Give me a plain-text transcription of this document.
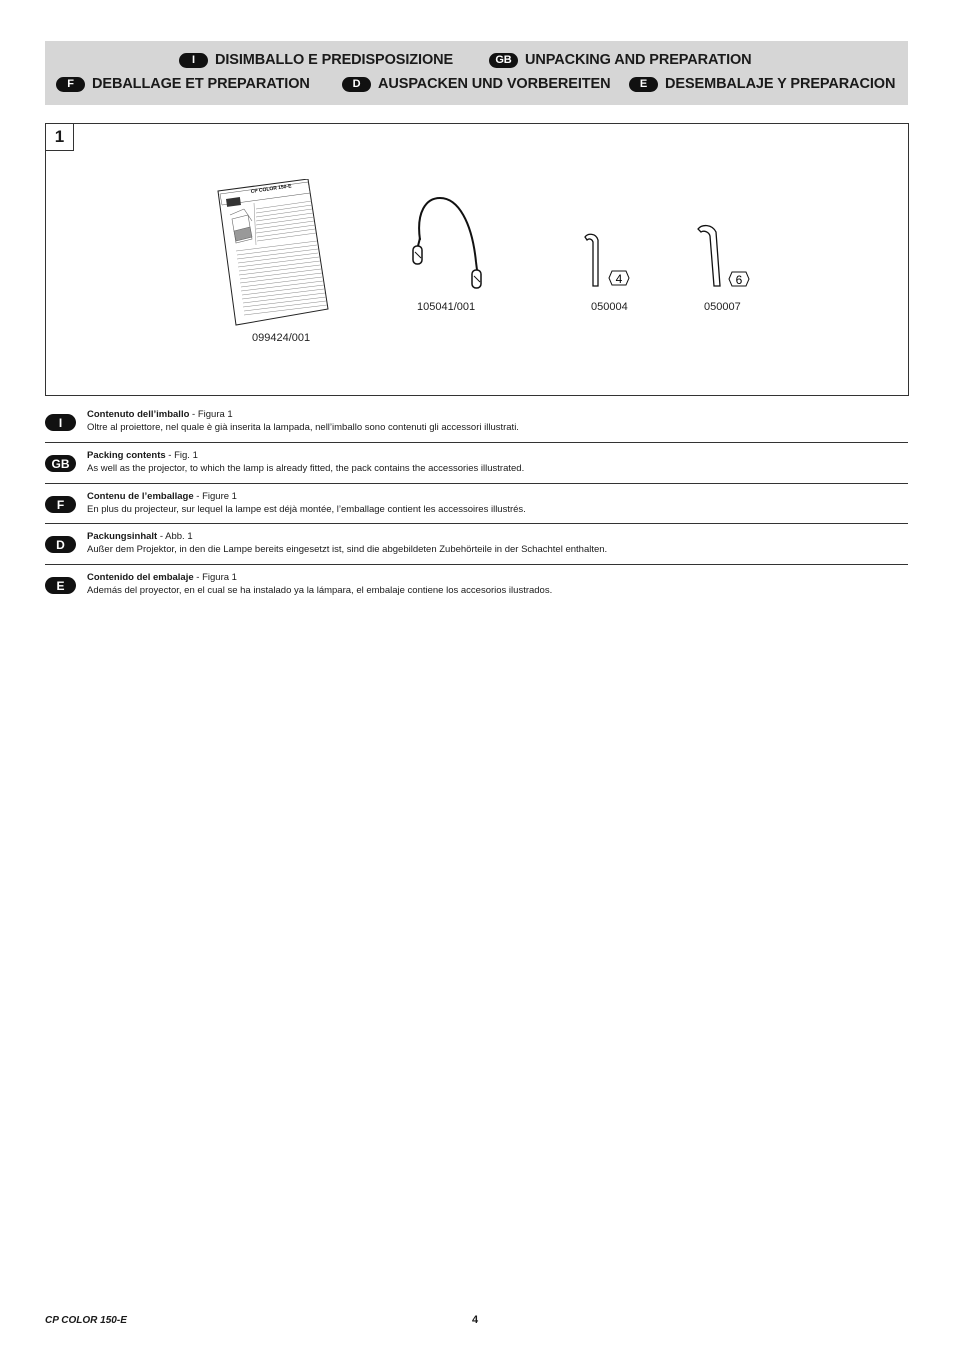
I	DISIMBALLO E PREDISPOSIZIONE	GB UNPACKING AND PREPARATION
F	DEBALLAGE ET PREPARATION	D	AUSPACKEN UND VORBEREITEN	E	DESEMBALAJE Y PREPARACION
1
CP COLOR 150-E
099424/001
105041/001
4
050004
6
050007
I
Contenuto dell’imballo - Figura 1
Oltre al proiettore, nel quale è già inserita la lampada, nell’imballo sono contenuti gli accessori illustrati.
GB
Packing contents - Fig. 1
As well as the projector, to which the lamp is already fitted, the pack contains the accessories illustrated.
F
Contenu de l’emballage - Figure 1
En plus du projecteur, sur lequel la lampe est déjà montée, l’emballage contient les accessoires illustrés.
D
Packungsinhalt - Abb. 1
Außer dem Projektor, in den die Lampe bereits eingesetzt ist, sind die abgebildeten Zubehörteile in der Schachtel enthalten.
E
Contenido del embalaje - Figura 1
Además del proyector, en el cual se ha instalado ya la lámpara, el embalaje contiene los accesorios ilustrados.
CP COLOR 150-E	4
